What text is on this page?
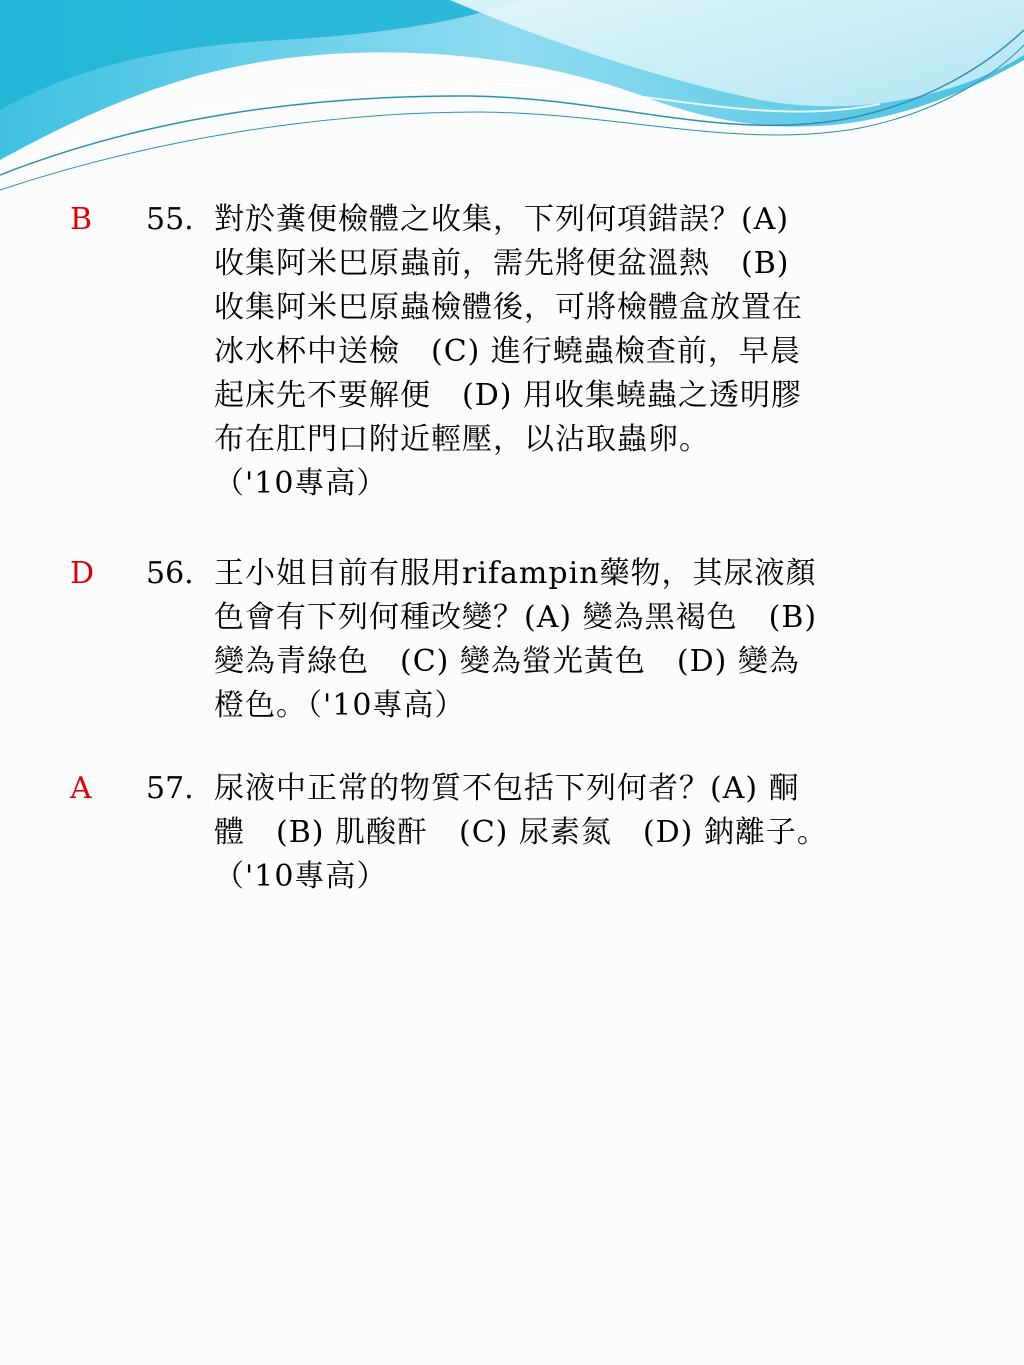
B 55. 對於糞便檢體之收集，下列何項錯誤？(A)
收集阿米巴原蟲前，需先將便盆溫熱　(B)
收集阿米巴原蟲檢體後，可將檢體盒放置在
冰水杯中送檢　(C) 進行蟯蟲檢查前，早晨
起床先不要解便　(D) 用收集蟯蟲之透明膠
布在肛門口附近輕壓，以沾取蟲卵。
（'10專高）
D 56. 王小姐目前有服用rifampin藥物，其尿液顏
色會有下列何種改變？(A) 變為黑褐色　(B)
變為青綠色　(C) 變為螢光黃色　(D) 變為
橙色。（'10專高）
A 57. 尿液中正常的物質不包括下列何者？(A) 酮
體　(B) 肌酸酐　(C) 尿素氮　(D) 鈉離子。
（'10專高）
